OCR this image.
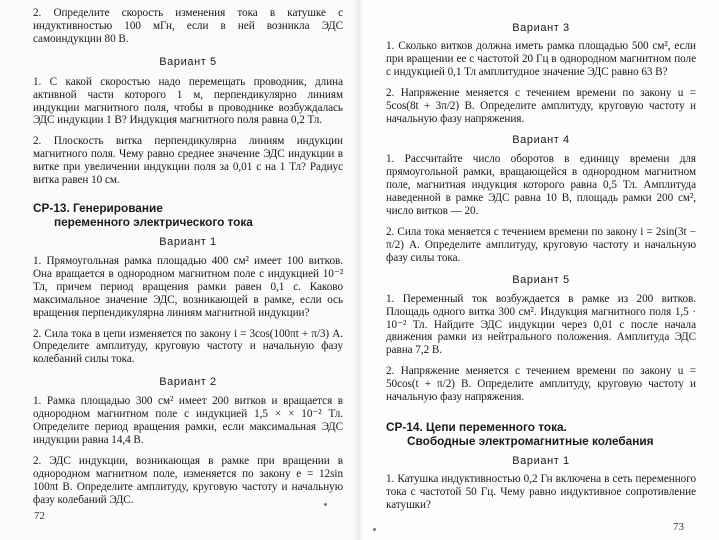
2. Определите скорость изменения тока в катушке с индуктивностью 100 мГн, если в ней возникла ЭДС самоиндукции 80 В.

Вариант 5

1. С какой скоростью надо перемещать проводник, длина активной части которого 1 м, перпендикулярно линиям индукции магнитного поля, чтобы в проводнике возбуждалась ЭДС индукции 1 В? Индукция магнитного поля равна 0,2 Тл.

2. Плоскость витка перпендикулярна линиям индукции магнитного поля. Чему равно среднее значение ЭДС индукции в витке при увеличении индукции поля за 0,01 с на 1 Тл? Радиус витка равен 10 см.

СР-13. Генерирование
переменного электрического тока

Вариант 1

1. Прямоугольная рамка площадью 400 см² имеет 100 витков. Она вращается в однородном магнитном поле с индукцией 10⁻² Тл, причем период вращения рамки равен 0,1 с. Каково максимальное значение ЭДС, возникающей в рамке, если ось вращения перпендикулярна линиям магнитной индукции?

2. Сила тока в цепи изменяется по закону i = 3cos(100πt + π/3) А. Определите амплитуду, круговую частоту и начальную фазу колебаний силы тока.

Вариант 2

1. Рамка площадью 300 см² имеет 200 витков и вращается в однородном магнитном поле с индукцией 1,5 × × 10⁻² Тл. Определите период вращения рамки, если максимальная ЭДС индукции равна 14,4 В.

2. ЭДС индукции, возникающая в рамке при вращении в однородном магнитном поле, изменяется по закону e = 12sin 100πt В. Определите амплитуду, круговую частоту и начальную фазу колебаний ЭДС.

Вариант 3

1. Сколько витков должна иметь рамка площадью 500 см², если при вращении ее с частотой 20 Гц в однородном магнитном поле с индукцией 0,1 Тл амплитудное значение ЭДС равно 63 В?

2. Напряжение меняется с течением времени по закону u = 5cos(8t + 3π/2) В. Определите амплитуду, круговую частоту и начальную фазу напряжения.

Вариант 4

1. Рассчитайте число оборотов в единицу времени для прямоугольной рамки, вращающейся в однородном магнитном поле, магнитная индукция которого равна 0,5 Тл. Амплитуда наведенной в рамке ЭДС равна 10 В, площадь рамки 200 см², число витков — 20.

2. Сила тока меняется с течением времени по закону i = 2sin(3t − π/2) А. Определите амплитуду, круговую частоту и начальную фазу силы тока.

Вариант 5

1. Переменный ток возбуждается в рамке из 200 витков. Площадь одного витка 300 см². Индукция магнитного поля 1,5 · 10⁻² Тл. Найдите ЭДС индукции через 0,01 с после начала движения рамки из нейтрального положения. Амплитуда ЭДС равна 7,2 В.

2. Напряжение меняется с течением времени по закону u = 50cos(t + π/2) В. Определите амплитуду, круговую частоту и начальную фазу напряжения.

СР-14. Цепи переменного тока.
Свободные электромагнитные колебания

Вариант 1

1. Катушка индуктивностью 0,2 Гн включена в сеть переменного тока с частотой 50 Гц. Чему равно индуктивное сопротивление катушки?

72
73
